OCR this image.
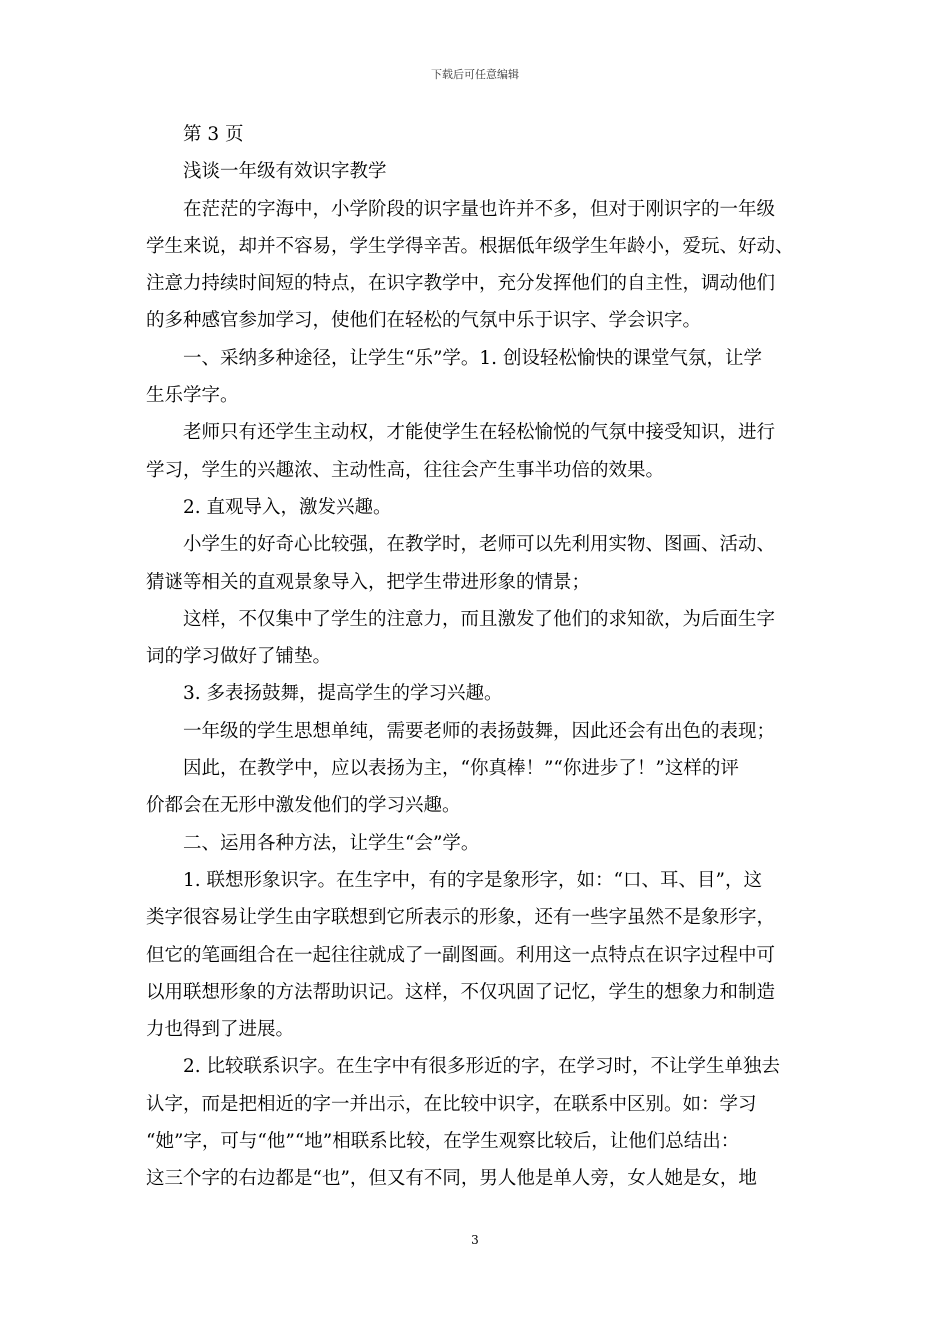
下载后可任意编辑
第 3 页
浅谈一年级有效识字教学
在茫茫的字海中，小学阶段的识字量也许并不多，但对于刚识字的一年级
学生来说，却并不容易，学生学得辛苦。根据低年级学生年龄小，爱玩、好动、
注意力持续时间短的特点，在识字教学中，充分发挥他们的自主性，调动他们
的多种感官参加学习，使他们在轻松的气氛中乐于识字、学会识字。
一、采纳多种途径，让学生“乐”学。1. 创设轻松愉快的课堂气氛，让学
生乐学字。
老师只有还学生主动权，才能使学生在轻松愉悦的气氛中接受知识，进行
学习，学生的兴趣浓、主动性高，往往会产生事半功倍的效果。
2. 直观导入，激发兴趣。
小学生的好奇心比较强，在教学时，老师可以先利用实物、图画、活动、
猜谜等相关的直观景象导入，把学生带进形象的情景；
这样，不仅集中了学生的注意力，而且激发了他们的求知欲，为后面生字
词的学习做好了铺垫。
3. 多表扬鼓舞，提高学生的学习兴趣。
一年级的学生思想单纯，需要老师的表扬鼓舞，因此还会有出色的表现；
因此，在教学中，应以表扬为主，“你真棒！”“你进步了！”这样的评
价都会在无形中激发他们的学习兴趣。
二、运用各种方法，让学生“会”学。
1. 联想形象识字。在生字中，有的字是象形字，如：“口、耳、目”，这
类字很容易让学生由字联想到它所表示的形象，还有一些字虽然不是象形字，
但它的笔画组合在一起往往就成了一副图画。利用这一点特点在识字过程中可
以用联想形象的方法帮助识记。这样，不仅巩固了记忆，学生的想象力和制造
力也得到了进展。
2. 比较联系识字。在生字中有很多形近的字，在学习时，不让学生单独去
认字，而是把相近的字一并出示，在比较中识字，在联系中区别。如：学习
“她”字，可与“他”“地”相联系比较，在学生观察比较后，让他们总结出：
这三个字的右边都是“也”，但又有不同，男人他是单人旁，女人她是女，地
3
